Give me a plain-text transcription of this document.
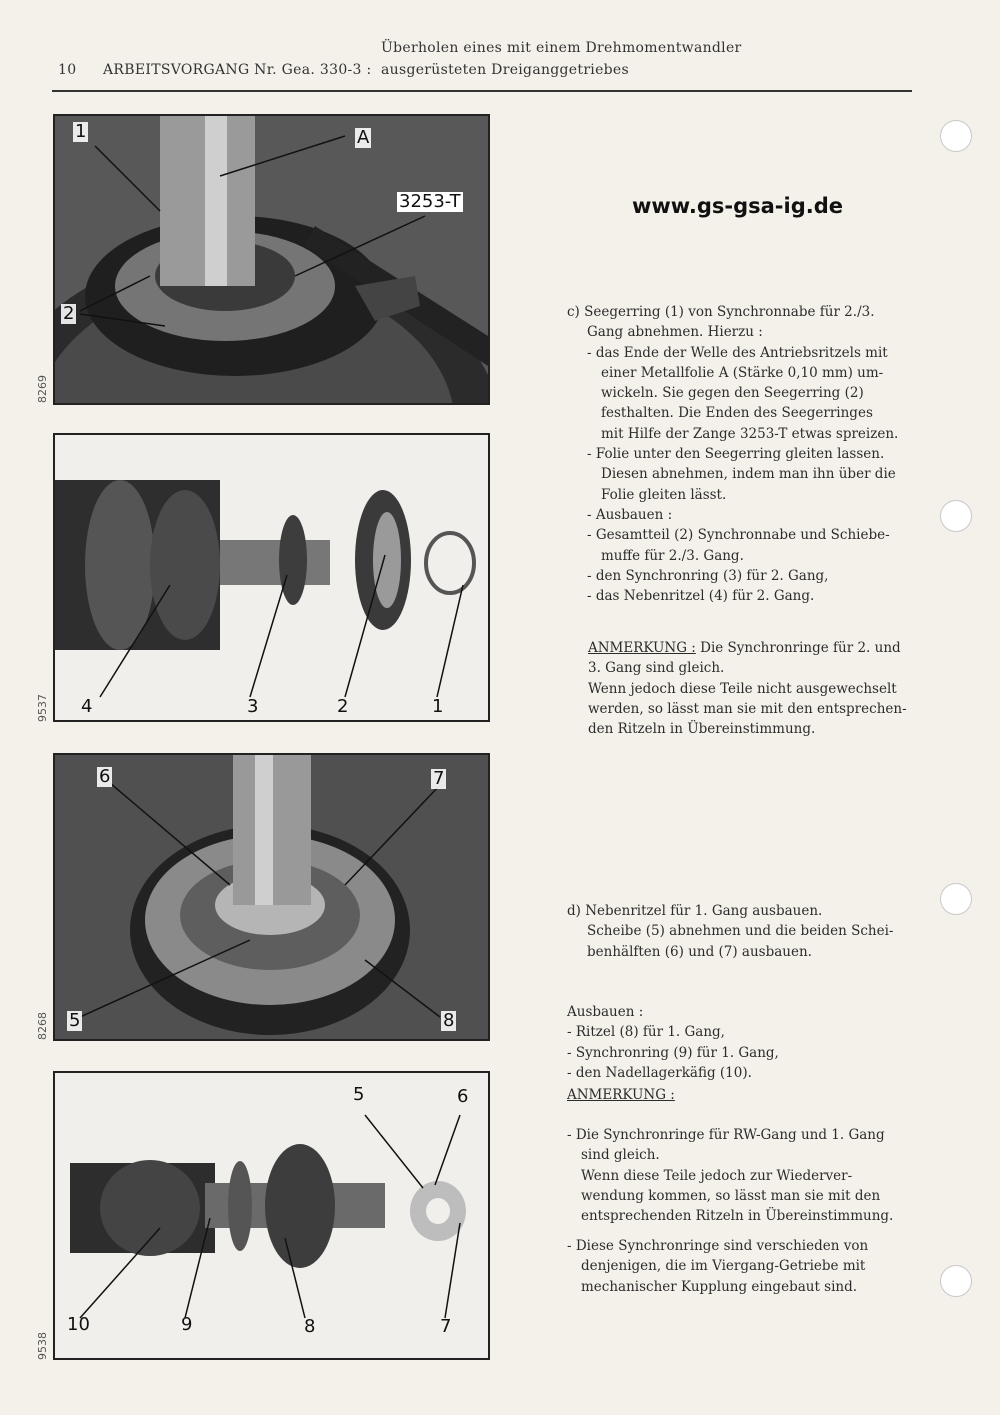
10 ARBEITSVORGANG Nr. Gea. 330-3 :
Überholen eines mit einem Drehmomentwandler
ausgerüsteten Dreiganggetriebes
1	A
3253-T
2
8269
4	3	2	1
9537
6	7
5	8
8268
5	6
10	9	8	7
9538
www.gs-gsa-ig.de

c) Seegerring (1) von Synchronnabe für 2./3.

Gang abnehmen. Hierzu :

- das Ende der Welle des Antriebsritzels mit

einer Metallfolie A (Stärke 0,10 mm) um-

wickeln. Sie gegen den Seegerring (2)

festhalten. Die Enden des Seegerringes

mit Hilfe der Zange 3253-T etwas spreizen.

- Folie unter den Seegerring gleiten lassen.

Diesen abnehmen, indem man ihn über die

Folie gleiten lässt.

- Ausbauen :

- Gesamtteil (2) Synchronnabe und Schiebe-

muffe für 2./3. Gang.

- den Synchronring (3) für 2. Gang,

- das Nebenritzel (4) für 2. Gang.

ANMERKUNG : Die Synchronringe für 2. und

3. Gang sind gleich.

Wenn jedoch diese Teile nicht ausgewechselt

werden, so lässt man sie mit den entsprechen-

den Ritzeln in Übereinstimmung.

d) Nebenritzel für 1. Gang ausbauen.

Scheibe (5) abnehmen und die beiden Schei-

benhälften (6) und (7) ausbauen.

Ausbauen :

- Ritzel (8) für 1. Gang,

- Synchronring (9) für 1. Gang,

- den Nadellagerkäfig (10).

ANMERKUNG :

- Die Synchronringe für RW-Gang und 1. Gang

sind gleich.

Wenn diese Teile jedoch zur Wiederver-

wendung kommen, so lässt man sie mit den

entsprechenden Ritzeln in Übereinstimmung.

- Diese Synchronringe sind verschieden von

denjenigen, die im Viergang-Getriebe mit

mechanischer Kupplung eingebaut sind.
